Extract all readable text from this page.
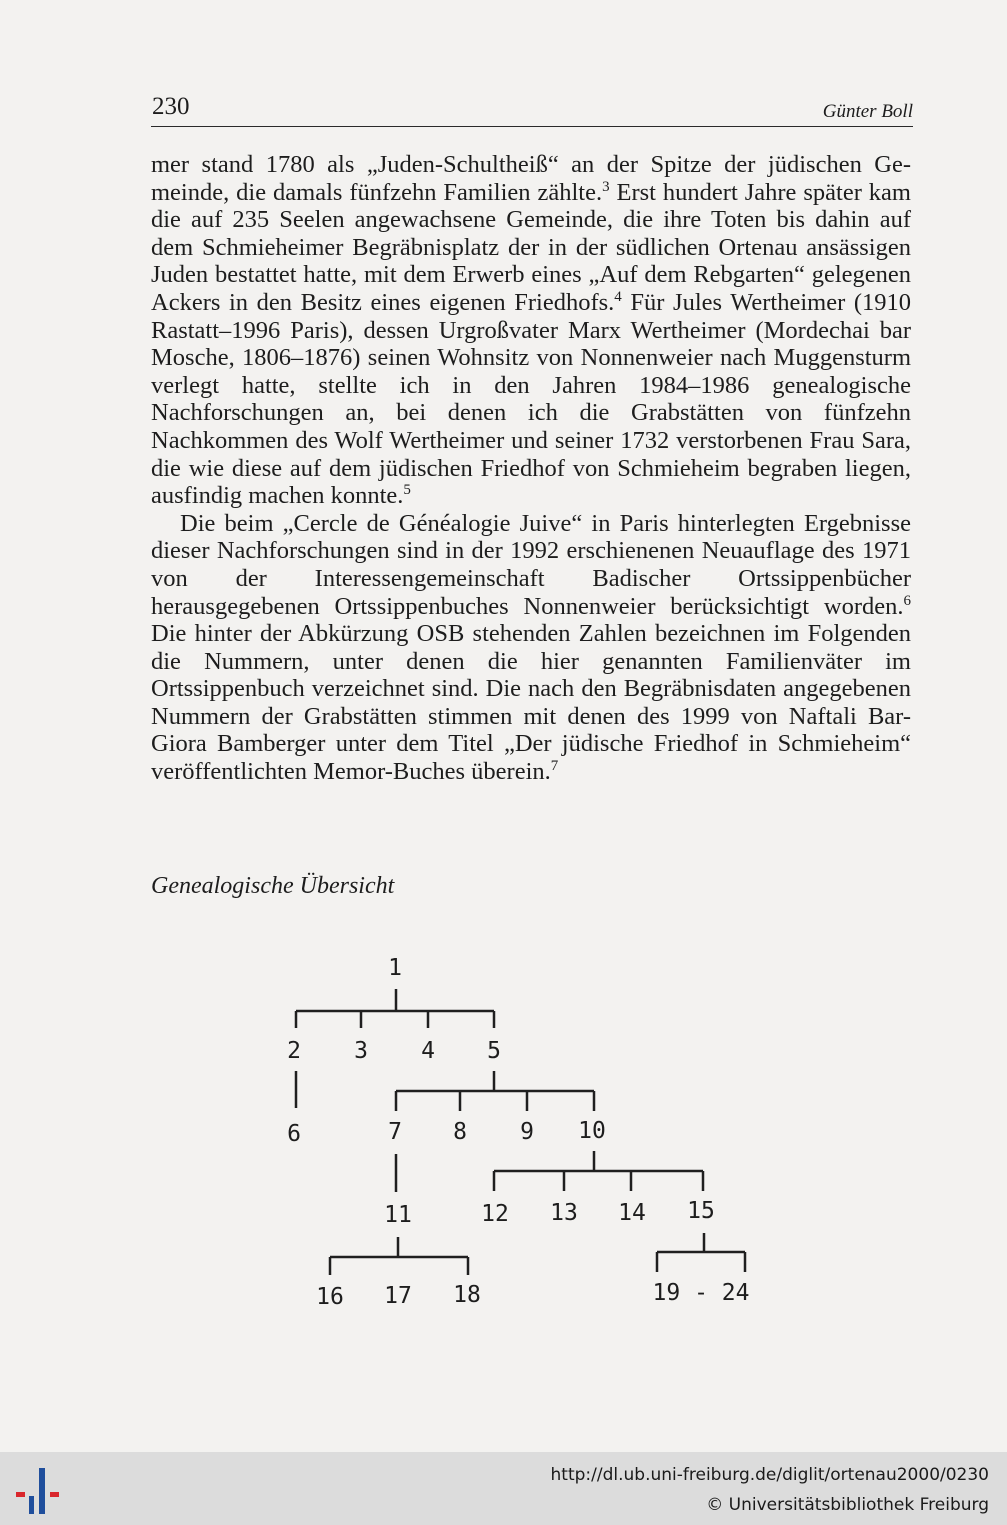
230	Günter Boll

mer stand 1780 als „Juden-Schultheiß“ an der Spitze der jüdischen Ge- meinde, die damals fünfzehn Familien zählte.$^3$ Erst hundert Jahre später kam die auf 235 Seelen angewachsene Gemeinde, die ihre Toten bis dahin auf dem Schmieheimer Begräbnisplatz der in der südlichen Ortenau ansässigen Juden bestattet hatte, mit dem Erwerb eines „Auf dem Rebgarten“ gelegenen Ackers in den Besitz eines eigenen Friedhofs.$^4$ Für Jules Wertheimer (1910 Rastatt–1996 Paris), dessen Urgroßvater Marx Wertheimer (Mordechai bar Mosche, 1806–1876) seinen Wohnsitz von Nonnenweier nach Muggensturm verlegt hatte, stellte ich in den Jahren 1984–1986 genealogische Nachforschungen an, bei denen ich die Grabstätten von fünfzehn Nachkommen des Wolf Wertheimer und seiner 1732 verstorbenen Frau Sara, die wie diese auf dem jüdischen Friedhof von Schmieheim begraben liegen, ausfindig machen konnte.$^5$

Die beim „Cercle de Généalogie Juive“ in Paris hinterlegten Ergebnisse dieser Nachforschungen sind in der 1992 erschienenen Neuauflage des 1971 von der Interessengemeinschaft Badischer Ortssippenbücher herausgegebenen Ortssippenbuches Nonnenweier berücksichtigt worden.$^6$ Die hinter der Abkürzung OSB stehenden Zahlen bezeichnen im Folgenden die Nummern, unter denen die hier genannten Familienväter im Ortssippenbuch verzeichnet sind. Die nach den Begräbnisdaten angegebenen Nummern der Grabstätten stimmen mit denen des 1999 von Naftali Bar-Giora Bamberger unter dem Titel „Der jüdische Friedhof in Schmieheim“ veröffentlichten Memor-Buches überein.$^7$

Genealogische Übersicht
1
2	3	4	5
6	7	8	9	10
11	12	13	14	15
16	17	18	19 - 24
http://dl.ub.uni-freiburg.de/diglit/ortenau2000/0230
© Universitätsbibliothek Freiburg
